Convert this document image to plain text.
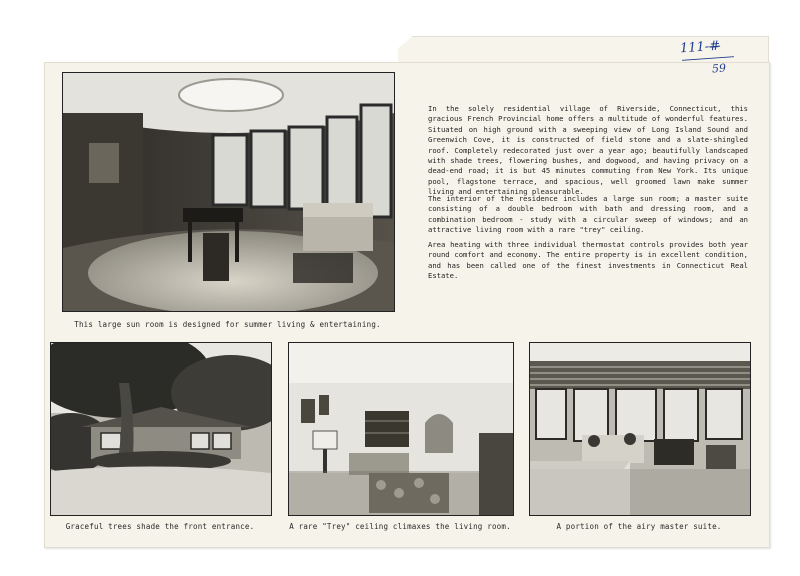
111-#
59
This large sun room is designed for summer living & entertaining.
Graceful trees shade the front entrance.	A rare "Trey" ceiling climaxes the living room.	A portion of the airy master suite.

In the solely residential village of Riverside, Connecticut, this gracious French Provincial home offers a multitude of wonderful features. Situated on high ground with a sweeping view of Long Island Sound and Greenwich Cove, it is constructed of field stone and a slate-shingled roof. Completely redecorated just over a year ago; beautifully landscaped with shade trees, flowering bushes, and dogwood, and having privacy on a dead-end road; it is but 45 minutes commuting from New York. Its unique pool, flagstone terrace, and spacious, well groomed lawn make summer living and entertaining pleasurable.

The interior of the residence includes a large sun room; a master suite consisting of a double bedroom with bath and dressing room, and a combination bedroom - study with a circular sweep of windows; and an attractive living room with a rare "trey" ceiling.

Area heating with three individual thermostat controls provides both year round comfort and economy. The entire property is in excellent condition, and has been called one of the finest investments in Connecticut Real Estate.
